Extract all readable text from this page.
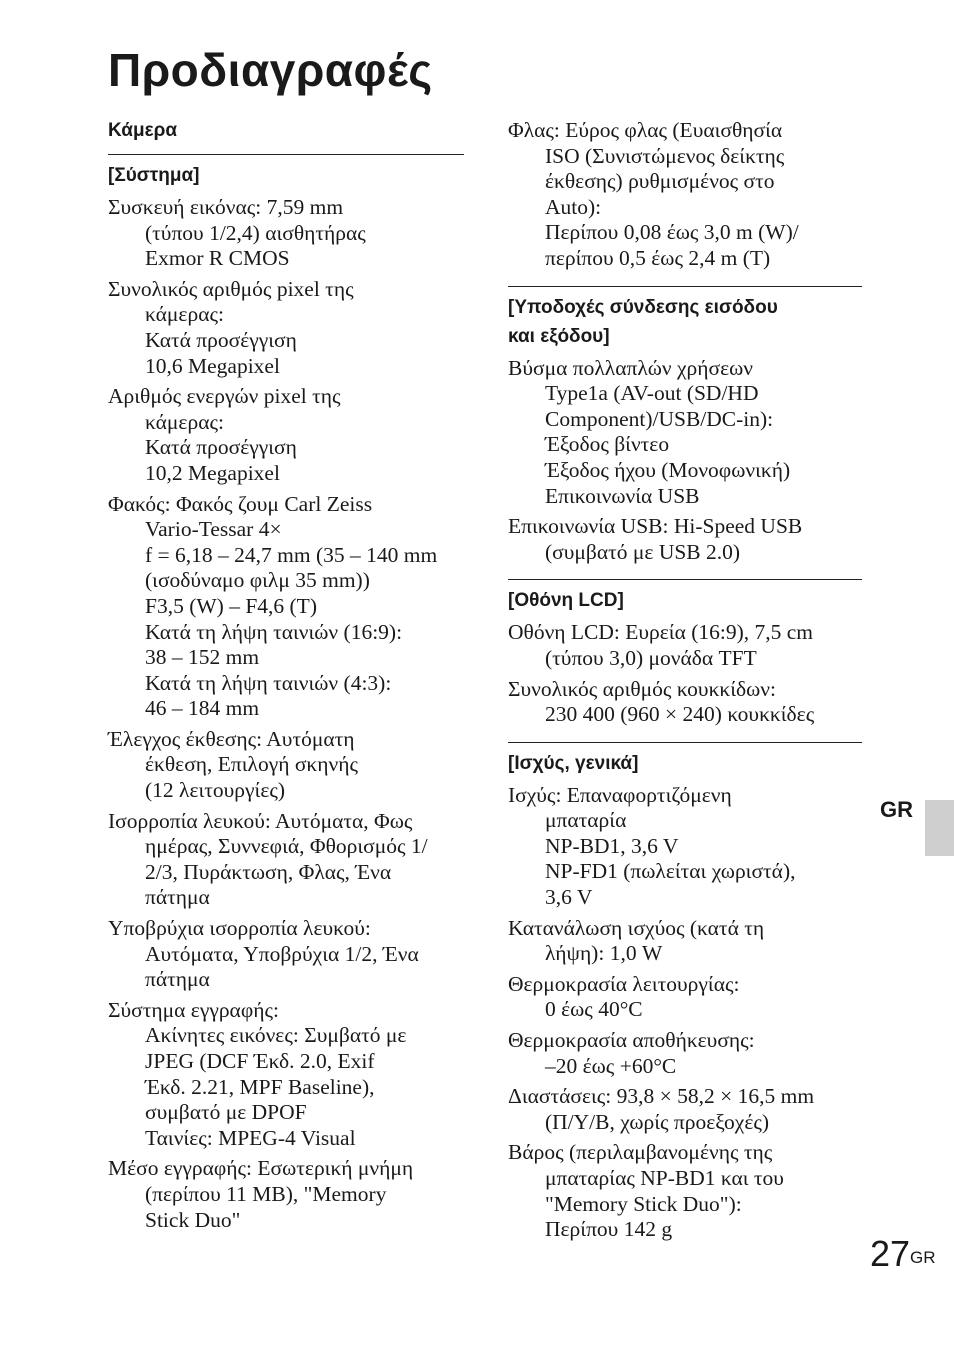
Προδιαγραφές
Κάμερα
[Σύστημα]
Συσκευή εικόνας: 7,59 mm
(τύπου 1/2,4) αισθητήρας
Exmor R CMOS
Συνολικός αριθμός pixel της
κάμερας:
Κατά προσέγγιση
10,6 Megapixel
Αριθμός ενεργών pixel της
κάμερας:
Κατά προσέγγιση
10,2 Megapixel
Φακός: Φακός ζουμ Carl Zeiss
Vario-Tessar 4×
f = 6,18 – 24,7 mm (35 – 140 mm
(ισοδύναμο φιλμ 35 mm))
F3,5 (W) – F4,6 (T)
Κατά τη λήψη ταινιών (16:9):
38 – 152 mm
Κατά τη λήψη ταινιών (4:3):
46 – 184 mm
Έλεγχος έκθεσης: Αυτόματη
έκθεση, Επιλογή σκηνής
(12 λειτουργίες)
Ισορροπία λευκού: Αυτόματα, Φως
ημέρας, Συννεφιά, Φθορισμός 1/
2/3, Πυράκτωση, Φλας, Ένα
πάτημα
Υποβρύχια ισορροπία λευκού:
Αυτόματα, Υποβρύχια 1/2, Ένα
πάτημα
Σύστημα εγγραφής:
Ακίνητες εικόνες: Συμβατό με
JPEG (DCF Έκδ. 2.0, Exif
Έκδ. 2.21, MPF Baseline),
συμβατό με DPOF
Ταινίες: MPEG-4 Visual
Μέσο εγγραφής: Εσωτερική μνήμη
(περίπου 11 MB), "Memory
Stick Duo"
Φλας: Εύρος φλας (Ευαισθησία
ISO (Συνιστώμενος δείκτης
έκθεσης) ρυθμισμένος στο
Auto):
Περίπου 0,08 έως 3,0 m (W)/
περίπου 0,5 έως 2,4 m (T)
[Υποδοχές σύνδεσης εισόδου
και εξόδου]
Βύσμα πολλαπλών χρήσεων
Type1a (AV-out (SD/HD
Component)/USB/DC-in):
Έξοδος βίντεο
Έξοδος ήχου (Μονοφωνική)
Επικοινωνία USB
Επικοινωνία USB: Hi-Speed USB
(συμβατό με USB 2.0)
[Οθόνη LCD]
Οθόνη LCD: Ευρεία (16:9), 7,5 cm
(τύπου 3,0) μονάδα TFT
Συνολικός αριθμός κουκκίδων:
230 400 (960 × 240) κουκκίδες
[Ισχύς, γενικά]
Ισχύς: Επαναφορτιζόμενη
μπαταρία
NP-BD1, 3,6 V
NP-FD1 (πωλείται χωριστά),
3,6 V
Κατανάλωση ισχύος (κατά τη
λήψη): 1,0 W
Θερμοκρασία λειτουργίας:
0 έως 40°C
Θερμοκρασία αποθήκευσης:
–20 έως +60°C
Διαστάσεις: 93,8 × 58,2 × 16,5 mm
(Π/Υ/Β, χωρίς προεξοχές)
Βάρος (περιλαμβανομένης της
μπαταρίας NP-BD1 και του
"Memory Stick Duo"):
Περίπου 142 g
GR
$27^{GR}$
